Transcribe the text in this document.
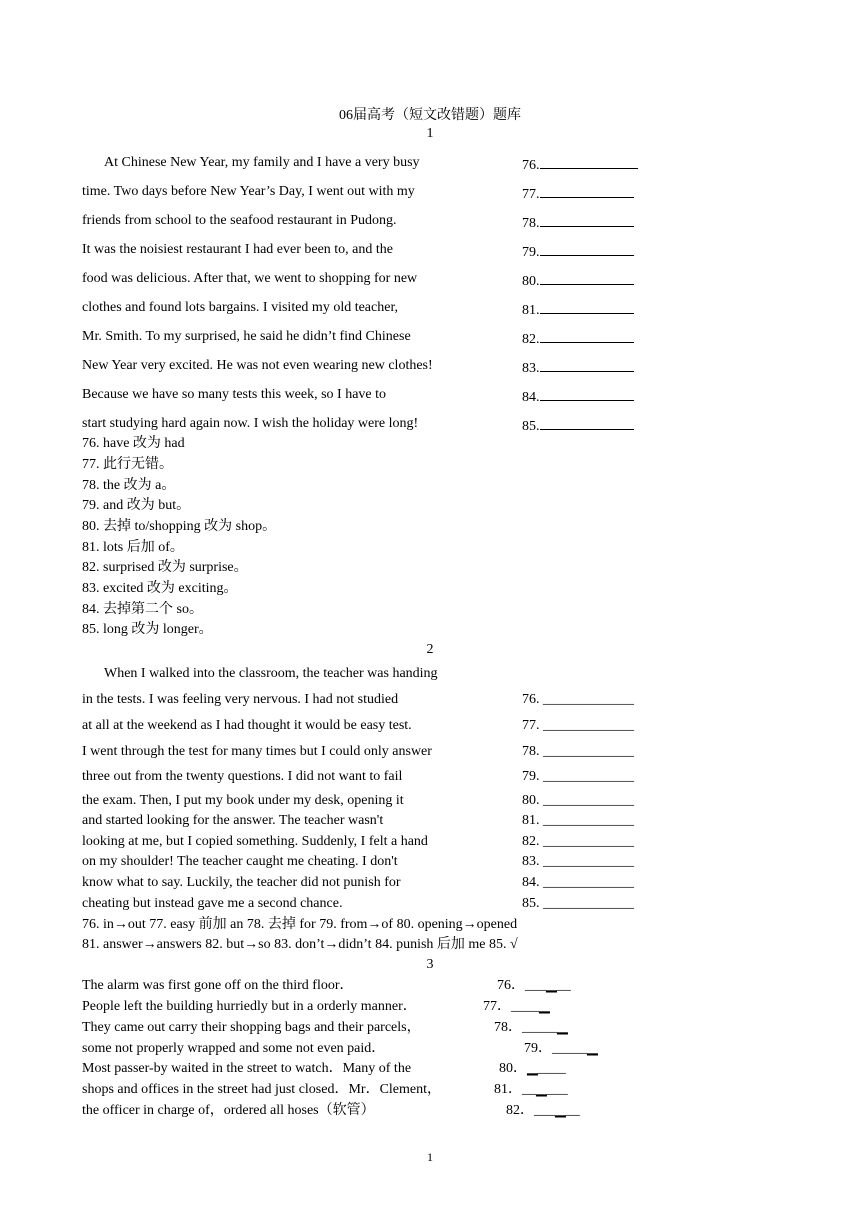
06届高考（短文改错题）题库
1
At Chinese New Year, my family and I have a very busy
time. Two days before New Year’s Day, I went out with my
friends from school to the seafood restaurant in Pudong.
It was the noisiest restaurant I had ever been to, and the
food was delicious. After that, we went to shopping for new
clothes and found lots bargains. I visited my old teacher,
Mr. Smith. To my surprised, he said he didn’t find Chinese
New Year very excited. He was not even wearing new clothes!
Because we have so many tests this week, so I have to
start studying hard again now. I wish the holiday were long!
76.
77.
78.
79.
80.
81.
82.
83.
84.
85.
76. have 改为 had
77. 此行无错。
78. the 改为 a。
79. and 改为 but。
80. 去掉 to/shopping 改为 shop。
81. lots 后加 of。
82. surprised 改为 surprise。
83. excited 改为 exciting。
84. 去掉第二个 so。
85. long 改为 longer。
2
When I walked into the classroom, the teacher was handing
in the tests. I was feeling very nervous. I had not studied
at all at the weekend as I had thought it would be easy test.
I went through the test for many times but I could only answer
three out from the twenty questions. I did not want to fail
the exam. Then, I put my book under my desk, opening it
and started looking for the answer. The teacher wasn't
looking at me, but I copied something. Suddenly, I felt a hand
on my shoulder! The teacher caught me cheating. I don't
know what to say. Luckily, the teacher did not punish for
cheating but instead gave me a second chance.
76. _____________
77. _____________
78. _____________
79. _____________
80. _____________
81. _____________
82. _____________
83. _____________
84. _____________
85. _____________
76. in→out 77. easy 前加 an 78. 去掉 for 79. from→of 80. opening→opened
81. answer→answers 82. but→so 83. don’t→didn’t 84. punish 后加 me 85. √
3
The alarm was first gone off on the third floor．
People left the building hurriedly but in a orderly manner．
They came out carry their shopping bags and their parcels，
some not properly wrapped and some not even paid．
Most passer-by waited in the street to watch．Many of the
shops and offices in the street had just closed．Mr．Clement，
the officer in charge of，ordered all hoses（软管）
76．___▁__
77．____▁
78．_____▁
79．_____▁
80．▁____
81．__▁___
82．___▁__
1
